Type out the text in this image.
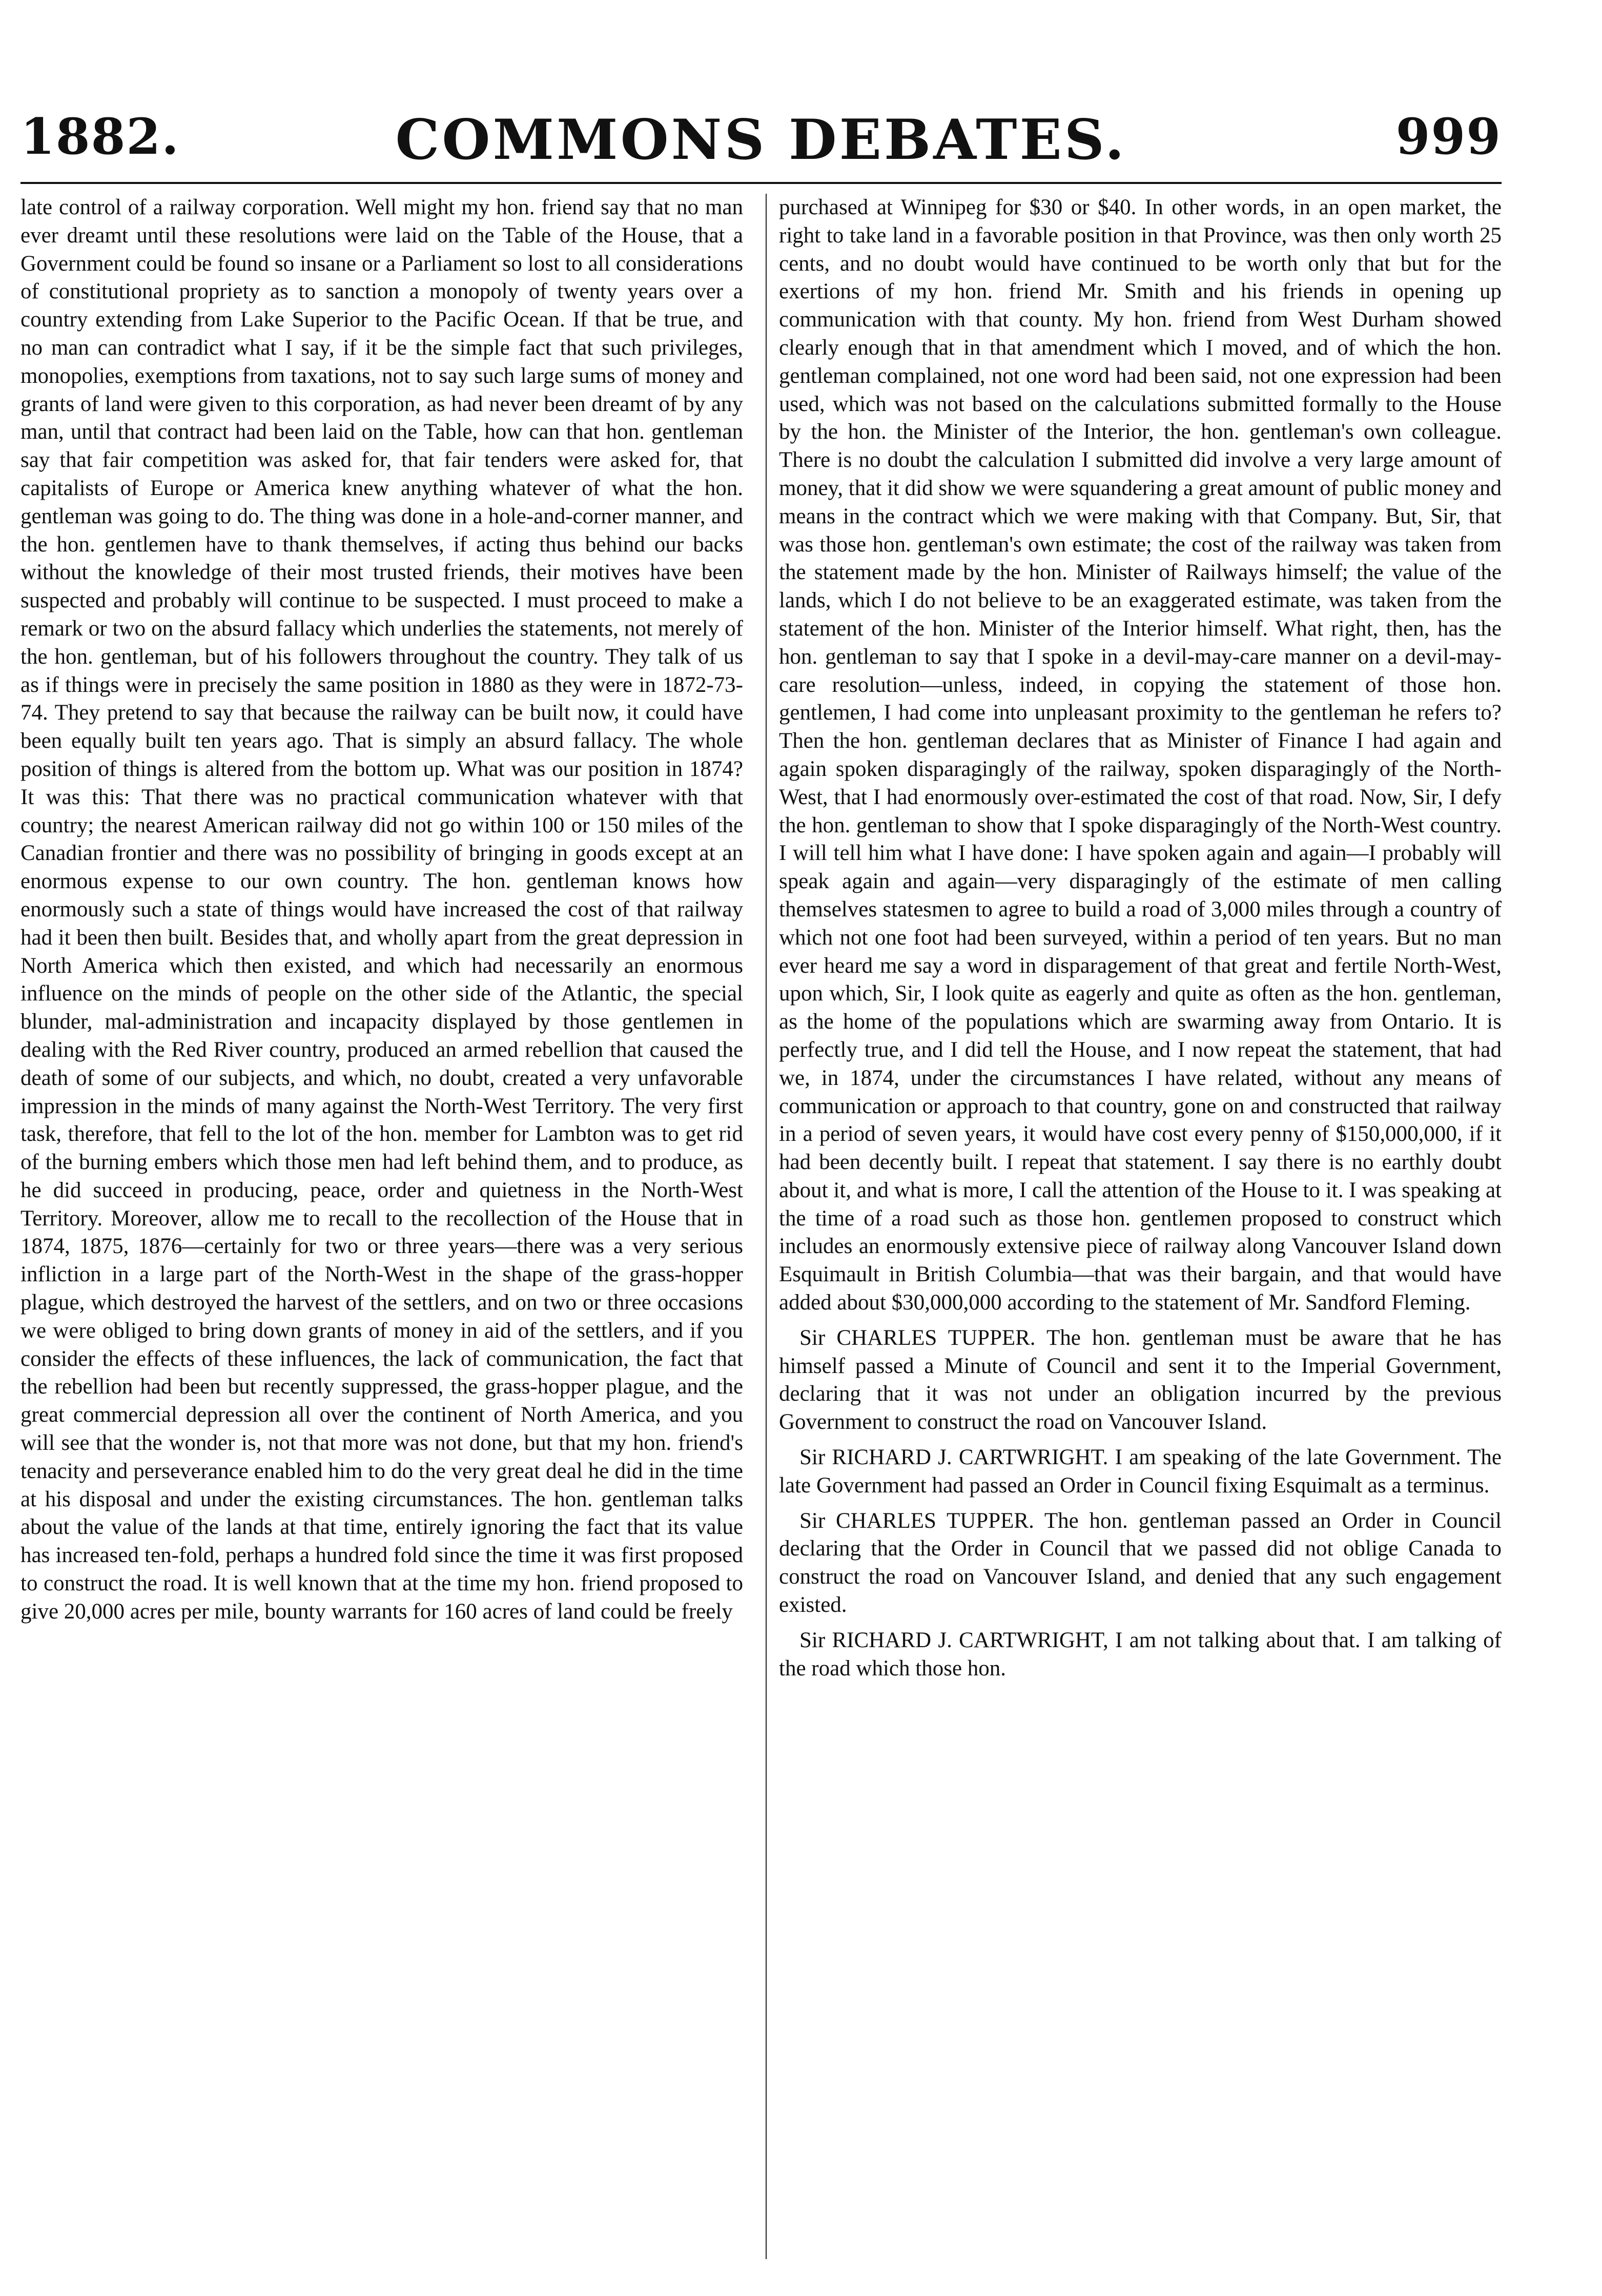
1882.	COMMONS DEBATES.	999

late control of a railway corporation. Well might my hon. friend say that no man ever dreamt until these resolutions were laid on the Table of the House, that a Government could be found so insane or a Parliament so lost to all considerations of constitutional propriety as to sanction a monopoly of twenty years over a country extending from Lake Superior to the Pacific Ocean. If that be true, and no man can contradict what I say, if it be the simple fact that such privileges, monopolies, exemptions from taxations, not to say such large sums of money and grants of land were given to this corporation, as had never been dreamt of by any man, until that contract had been laid on the Table, how can that hon. gentleman say that fair competition was asked for, that fair tenders were asked for, that capitalists of Europe or America knew anything whatever of what the hon. gentleman was going to do. The thing was done in a hole-and-corner manner, and the hon. gentlemen have to thank themselves, if acting thus behind our backs without the knowledge of their most trusted friends, their motives have been suspected and probably will continue to be suspected. I must proceed to make a remark or two on the absurd fallacy which underlies the statements, not merely of the hon. gentleman, but of his followers throughout the country. They talk of us as if things were in precisely the same position in 1880 as they were in 1872-73-74. They pretend to say that because the railway can be built now, it could have been equally built ten years ago. That is simply an absurd fallacy. The whole position of things is altered from the bottom up. What was our position in 1874? It was this: That there was no practical communication whatever with that country; the nearest American railway did not go within 100 or 150 miles of the Canadian frontier and there was no possibility of bringing in goods except at an enormous expense to our own country. The hon. gentleman knows how enormously such a state of things would have increased the cost of that railway had it been then built. Besides that, and wholly apart from the great depression in North America which then existed, and which had necessarily an enormous influence on the minds of people on the other side of the Atlantic, the special blunder, mal-administration and incapacity displayed by those gentlemen in dealing with the Red River country, produced an armed rebellion that caused the death of some of our subjects, and which, no doubt, created a very unfavorable impression in the minds of many against the North-West Territory. The very first task, therefore, that fell to the lot of the hon. member for Lambton was to get rid of the burning embers which those men had left behind them, and to produce, as he did succeed in producing, peace, order and quietness in the North-West Territory. Moreover, allow me to recall to the recollection of the House that in 1874, 1875, 1876—certainly for two or three years—there was a very serious infliction in a large part of the North-West in the shape of the grass-hopper plague, which destroyed the harvest of the settlers, and on two or three occasions we were obliged to bring down grants of money in aid of the settlers, and if you consider the effects of these influences, the lack of communication, the fact that the rebellion had been but recently suppressed, the grass-hopper plague, and the great commercial depression all over the continent of North America, and you will see that the wonder is, not that more was not done, but that my hon. friend's tenacity and perseverance enabled him to do the very great deal he did in the time at his disposal and under the existing circumstances. The hon. gentleman talks about the value of the lands at that time, entirely ignoring the fact that its value has increased ten-fold, perhaps a hundred fold since the time it was first proposed to construct the road. It is well known that at the time my hon. friend proposed to give 20,000 acres per mile, bounty warrants for 160 acres of land could be freely

purchased at Winnipeg for $30 or $40. In other words, in an open market, the right to take land in a favorable position in that Province, was then only worth 25 cents, and no doubt would have continued to be worth only that but for the exertions of my hon. friend Mr. Smith and his friends in opening up communication with that county. My hon. friend from West Durham showed clearly enough that in that amendment which I moved, and of which the hon. gentleman complained, not one word had been said, not one expression had been used, which was not based on the calculations submitted formally to the House by the hon. the Minister of the Interior, the hon. gentleman's own colleague. There is no doubt the calculation I submitted did involve a very large amount of money, that it did show we were squandering a great amount of public money and means in the contract which we were making with that Company. But, Sir, that was those hon. gentleman's own estimate; the cost of the railway was taken from the statement made by the hon. Minister of Railways himself; the value of the lands, which I do not believe to be an exaggerated estimate, was taken from the statement of the hon. Minister of the Interior himself. What right, then, has the hon. gentleman to say that I spoke in a devil-may-care manner on a devil-may-care resolution—unless, indeed, in copying the statement of those hon. gentlemen, I had come into unpleasant proximity to the gentleman he refers to? Then the hon. gentleman declares that as Minister of Finance I had again and again spoken disparagingly of the railway, spoken disparagingly of the North-West, that I had enormously over-estimated the cost of that road. Now, Sir, I defy the hon. gentleman to show that I spoke disparagingly of the North-West country. I will tell him what I have done: I have spoken again and again—I probably will speak again and again—very disparagingly of the estimate of men calling themselves statesmen to agree to build a road of 3,000 miles through a country of which not one foot had been surveyed, within a period of ten years. But no man ever heard me say a word in disparagement of that great and fertile North-West, upon which, Sir, I look quite as eagerly and quite as often as the hon. gentleman, as the home of the populations which are swarming away from Ontario. It is perfectly true, and I did tell the House, and I now repeat the statement, that had we, in 1874, under the circumstances I have related, without any means of communication or approach to that country, gone on and constructed that railway in a period of seven years, it would have cost every penny of $150,000,000, if it had been decently built. I repeat that statement. I say there is no earthly doubt about it, and what is more, I call the attention of the House to it. I was speaking at the time of a road such as those hon. gentlemen proposed to construct which includes an enormously extensive piece of railway along Vancouver Island down Esquimault in British Columbia—that was their bargain, and that would have added about $30,000,000 according to the statement of Mr. Sandford Fleming.

Sir CHARLES TUPPER. The hon. gentleman must be aware that he has himself passed a Minute of Council and sent it to the Imperial Government, declaring that it was not under an obligation incurred by the previous Government to construct the road on Vancouver Island.

Sir RICHARD J. CARTWRIGHT. I am speaking of the late Government. The late Government had passed an Order in Council fixing Esquimalt as a terminus.

Sir CHARLES TUPPER. The hon. gentleman passed an Order in Council declaring that the Order in Council that we passed did not oblige Canada to construct the road on Vancouver Island, and denied that any such engagement existed.

Sir RICHARD J. CARTWRIGHT, I am not talking about that. I am talking of the road which those hon.
